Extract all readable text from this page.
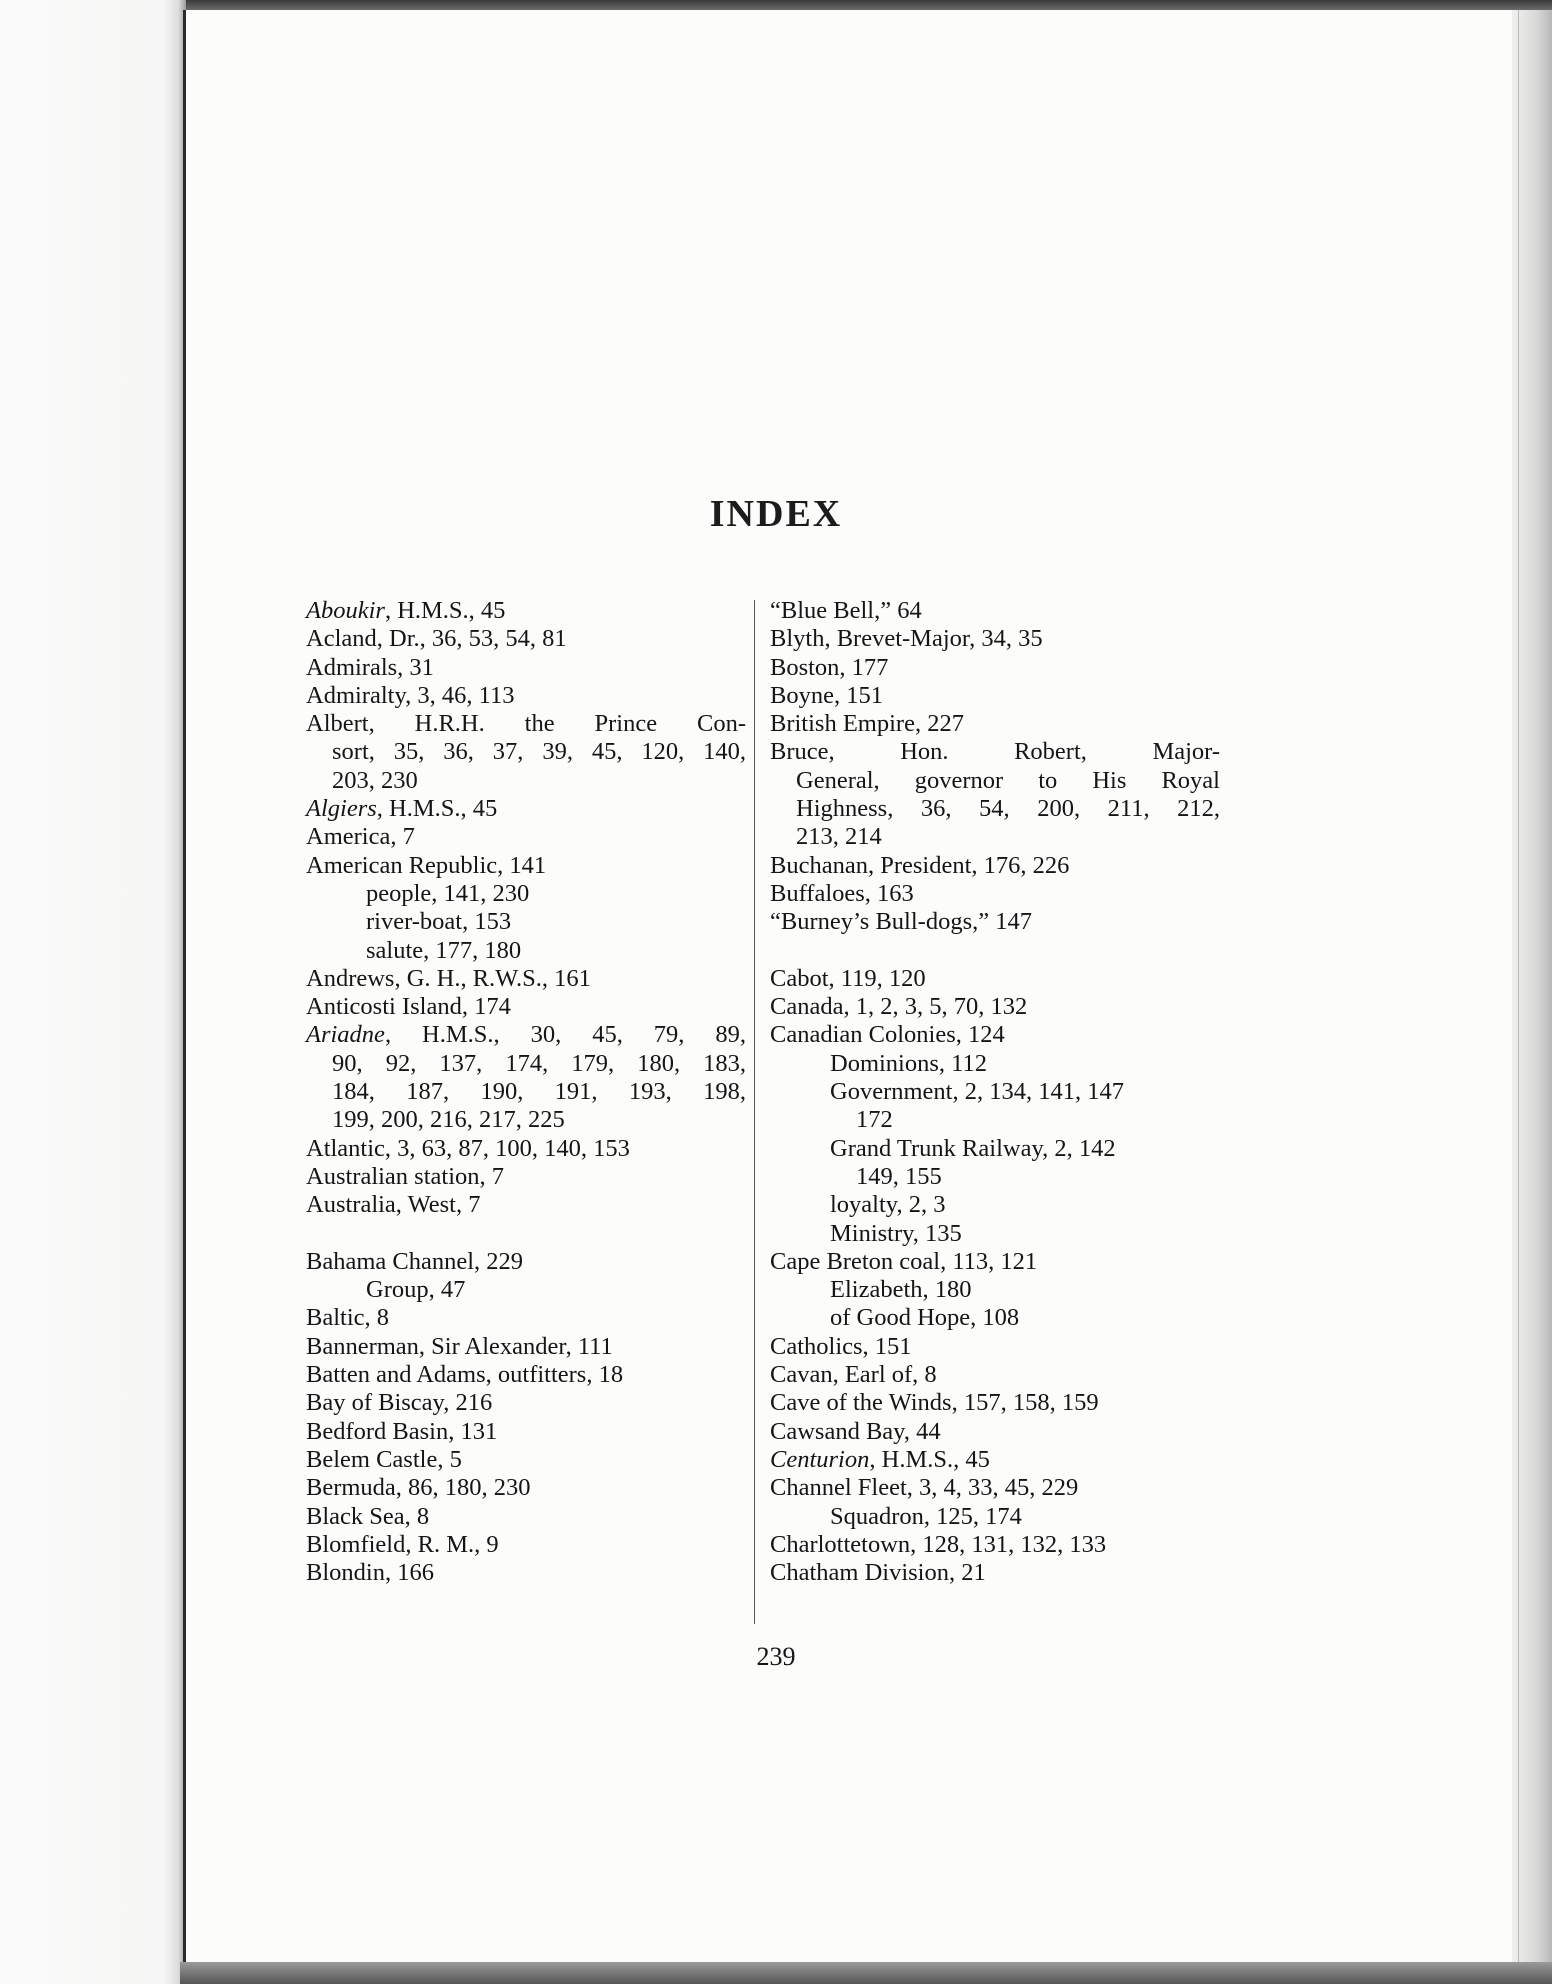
INDEX
Aboukir, H.M.S., 45
Acland, Dr., 36, 53, 54, 81
Admirals, 31
Admiralty, 3, 46, 113
Albert, H.R.H. the Prince Con-
sort, 35, 36, 37, 39, 45, 120, 140,
203, 230
Algiers, H.M.S., 45
America, 7
American Republic, 141
people, 141, 230
river-boat, 153
salute, 177, 180
Andrews, G. H., R.W.S., 161
Anticosti Island, 174
Ariadne, H.M.S., 30, 45, 79, 89,
90, 92, 137, 174, 179, 180, 183,
184, 187, 190, 191, 193, 198,
199, 200, 216, 217, 225
Atlantic, 3, 63, 87, 100, 140, 153
Australian station, 7
Australia, West, 7
Bahama Channel, 229
Group, 47
Baltic, 8
Bannerman, Sir Alexander, 111
Batten and Adams, outfitters, 18
Bay of Biscay, 216
Bedford Basin, 131
Belem Castle, 5
Bermuda, 86, 180, 230
Black Sea, 8
Blomfield, R. M., 9
Blondin, 166
“Blue Bell,” 64
Blyth, Brevet-Major, 34, 35
Boston, 177
Boyne, 151
British Empire, 227
Bruce, Hon. Robert, Major-
General, governor to His Royal
Highness, 36, 54, 200, 211, 212,
213, 214
Buchanan, President, 176, 226
Buffaloes, 163
“Burney’s Bull-dogs,” 147
Cabot, 119, 120
Canada, 1, 2, 3, 5, 70, 132
Canadian Colonies, 124
Dominions, 112
Government, 2, 134, 141, 147
172
Grand Trunk Railway, 2, 142
149, 155
loyalty, 2, 3
Ministry, 135
Cape Breton coal, 113, 121
Elizabeth, 180
of Good Hope, 108
Catholics, 151
Cavan, Earl of, 8
Cave of the Winds, 157, 158, 159
Cawsand Bay, 44
Centurion, H.M.S., 45
Channel Fleet, 3, 4, 33, 45, 229
Squadron, 125, 174
Charlottetown, 128, 131, 132, 133
Chatham Division, 21
239
